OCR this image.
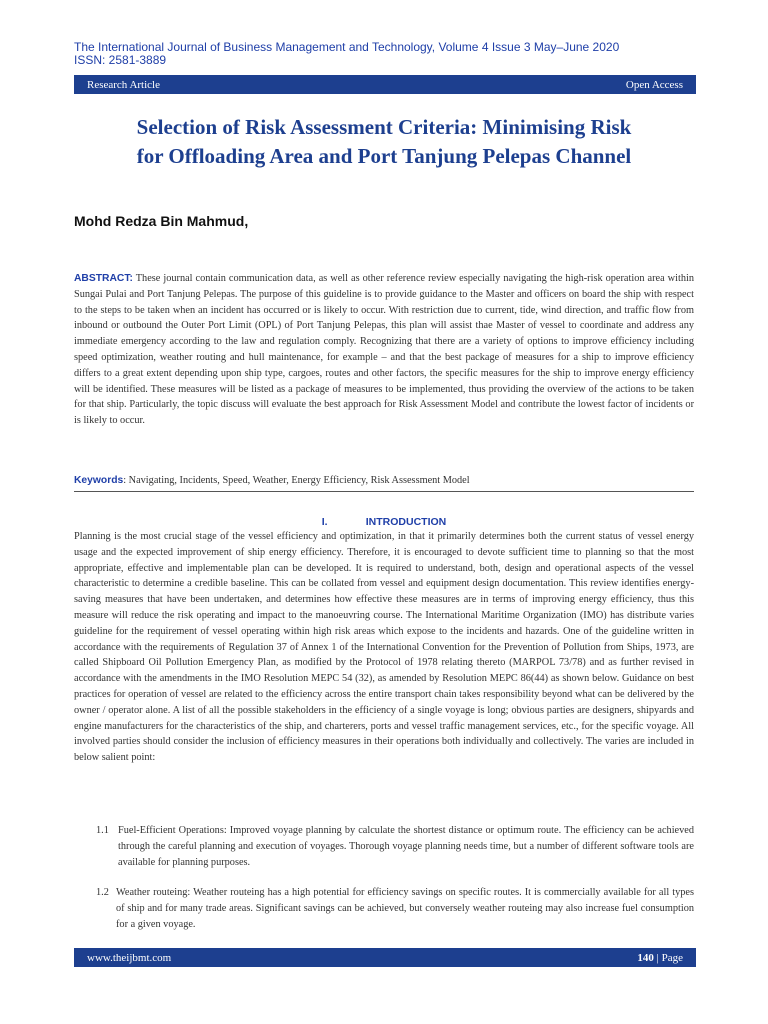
The International Journal of Business Management and Technology, Volume 4 Issue 3 May–June 2020
ISSN: 2581-3889
Research Article	Open Access
Selection of Risk Assessment Criteria: Minimising Risk
for Offloading Area and Port Tanjung Pelepas Channel
Mohd Redza Bin Mahmud,
ABSTRACT: These journal contain communication data, as well as other reference review especially navigating the high-risk operation area within Sungai Pulai and Port Tanjung Pelepas. The purpose of this guideline is to provide guidance to the Master and officers on board the ship with respect to the steps to be taken when an incident has occurred or is likely to occur. With restriction due to current, tide, wind direction, and traffic flow from inbound or outbound the Outer Port Limit (OPL) of Port Tanjung Pelepas, this plan will assist thae Master of vessel to coordinate and address any immediate emergency according to the law and regulation comply. Recognizing that there are a variety of options to improve efficiency including speed optimization, weather routing and hull maintenance, for example – and that the best package of measures for a ship to improve efficiency differs to a great extent depending upon ship type, cargoes, routes and other factors, the specific measures for the ship to improve energy efficiency will be identified. These measures will be listed as a package of measures to be implemented, thus providing the overview of the actions to be taken for that ship. Particularly, the topic discuss will evaluate the best approach for Risk Assessment Model and contribute the lowest factor of incidents or is likely to occur.
Keywords: Navigating, Incidents, Speed, Weather, Energy Efficiency, Risk Assessment Model
I.	INTRODUCTION
Planning is the most crucial stage of the vessel efficiency and optimization, in that it primarily determines both the current status of vessel energy usage and the expected improvement of ship energy efficiency. Therefore, it is encouraged to devote sufficient time to planning so that the most appropriate, effective and implementable plan can be developed. It is required to understand, both, design and operational aspects of the vessel characteristic to determine a credible baseline. This can be collated from vessel and equipment design documentation. This review identifies energy-saving measures that have been undertaken, and determines how effective these measures are in terms of improving energy efficiency, thus this measure will reduce the risk operating and impact to the manoeuvring course. The International Maritime Organization (IMO) has distribute varies guideline for the requirement of vessel operating within high risk areas which expose to the incidents and hazards. One of the guideline written in accordance with the requirements of Regulation 37 of Annex 1 of the International Convention for the Prevention of Pollution from Ships, 1973, are called Shipboard Oil Pollution Emergency Plan, as modified by the Protocol of 1978 relating thereto (MARPOL 73/78) and as further revised in accordance with the amendments in the IMO Resolution MEPC 54 (32), as amended by Resolution MEPC 86(44) as shown below. Guidance on best practices for operation of vessel are related to the efficiency across the entire transport chain takes responsibility beyond what can be delivered by the owner / operator alone. A list of all the possible stakeholders in the efficiency of a single voyage is long; obvious parties are designers, shipyards and engine manufacturers for the characteristics of the ship, and charterers, ports and vessel traffic management services, etc., for the specific voyage. All involved parties should consider the inclusion of efficiency measures in their operations both individually and collectively. The varies are included in below salient point:
1.1 Fuel-Efficient Operations: Improved voyage planning by calculate the shortest distance or optimum route. The efficiency can be achieved through the careful planning and execution of voyages. Thorough voyage planning needs time, but a number of different software tools are available for planning purposes.
1.2 Weather routeing: Weather routeing has a high potential for efficiency savings on specific routes. It is commercially available for all types of ship and for many trade areas. Significant savings can be achieved, but conversely weather routeing may also increase fuel consumption for a given voyage.
www.theijbmt.com	140 | Page
